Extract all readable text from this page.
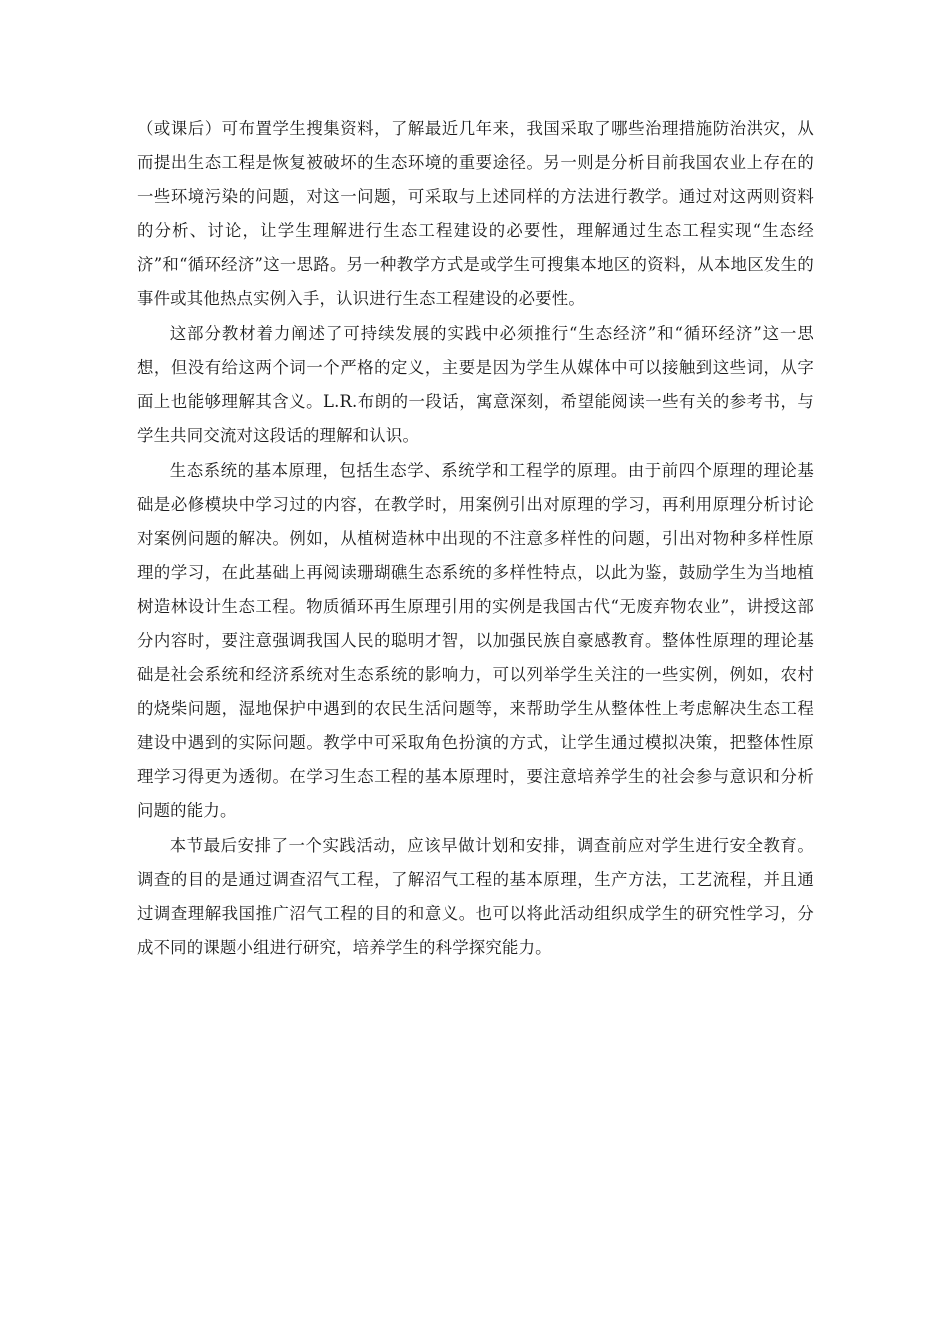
（或课后）可布置学生搜集资料，了解最近几年来，我国采取了哪些治理措施防治洪灾，从而提出生态工程是恢复被破坏的生态环境的重要途径。另一则是分析目前我国农业上存在的一些环境污染的问题，对这一问题，可采取与上述同样的方法进行教学。通过对这两则资料的分析、讨论，让学生理解进行生态工程建设的必要性，理解通过生态工程实现“生态经济”和“循环经济”这一思路。另一种教学方式是或学生可搜集本地区的资料，从本地区发生的事件或其他热点实例入手，认识进行生态工程建设的必要性。

这部分教材着力阐述了可持续发展的实践中必须推行“生态经济”和“循环经济”这一思想，但没有给这两个词一个严格的定义，主要是因为学生从媒体中可以接触到这些词，从字面上也能够理解其含义。L.R.布朗的一段话，寓意深刻，希望能阅读一些有关的参考书，与学生共同交流对这段话的理解和认识。

生态系统的基本原理，包括生态学、系统学和工程学的原理。由于前四个原理的理论基础是必修模块中学习过的内容，在教学时，用案例引出对原理的学习，再利用原理分析讨论对案例问题的解决。例如，从植树造林中出现的不注意多样性的问题，引出对物种多样性原理的学习，在此基础上再阅读珊瑚礁生态系统的多样性特点，以此为鉴，鼓励学生为当地植树造林设计生态工程。物质循环再生原理引用的实例是我国古代“无废弃物农业”，讲授这部分内容时，要注意强调我国人民的聪明才智，以加强民族自豪感教育。整体性原理的理论基础是社会系统和经济系统对生态系统的影响力，可以列举学生关注的一些实例，例如，农村的烧柴问题，湿地保护中遇到的农民生活问题等，来帮助学生从整体性上考虑解决生态工程建设中遇到的实际问题。教学中可采取角色扮演的方式，让学生通过模拟决策，把整体性原理学习得更为透彻。在学习生态工程的基本原理时，要注意培养学生的社会参与意识和分析问题的能力。

本节最后安排了一个实践活动，应该早做计划和安排，调查前应对学生进行安全教育。调查的目的是通过调查沼气工程，了解沼气工程的基本原理，生产方法，工艺流程，并且通过调查理解我国推广沼气工程的目的和意义。也可以将此活动组织成学生的研究性学习，分成不同的课题小组进行研究，培养学生的科学探究能力。
